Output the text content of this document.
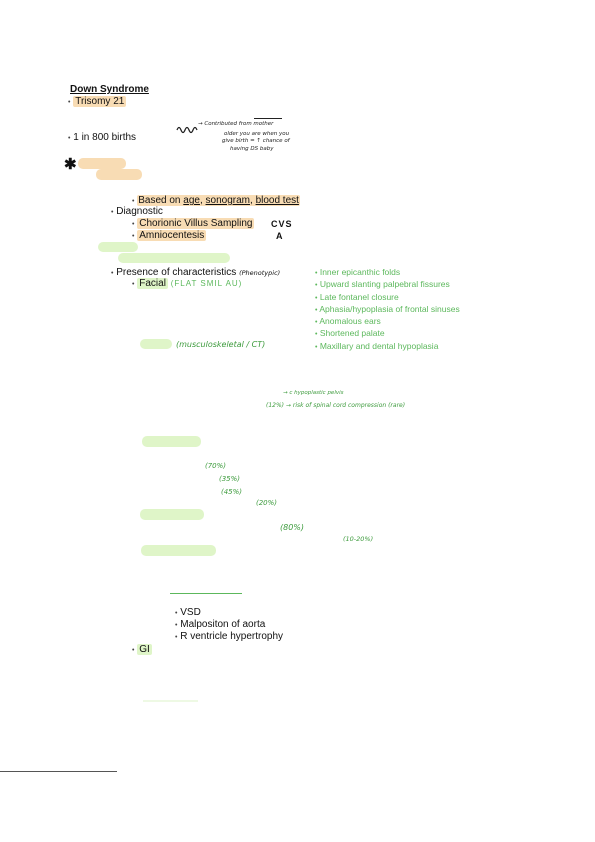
Down Syndrome
• Trisomy 21
• 1 in 800 births
→ Contributed from mother
older you are when you
give birth = ↑ chance of
having DS baby
✱
• Based on age, sonogram, blood test
• Diagnostic
• Chorionic Villus Sampling CVS
• Amniocentesis	A
• Presence of characteristics (Phenotypic)
• Facial (FLAT SMIL AU)
• Inner epicanthic folds
• Upward slanting palpebral fissures
• Late fontanel closure
• Aphasia/hypoplasia of frontal sinuses
• Anomalous ears
• Shortened palate
• Maxillary and dental hypoplasia
(musculoskeletal / CT)
→ c hypoplastic pelvis
(12%) → risk of spinal cord compression (rare)
(70%)
(35%)
(45%)
(20%)
(80%)
(10-20%)
• VSD
• Malpositon of aorta
• R ventricle hypertrophy
• GI
